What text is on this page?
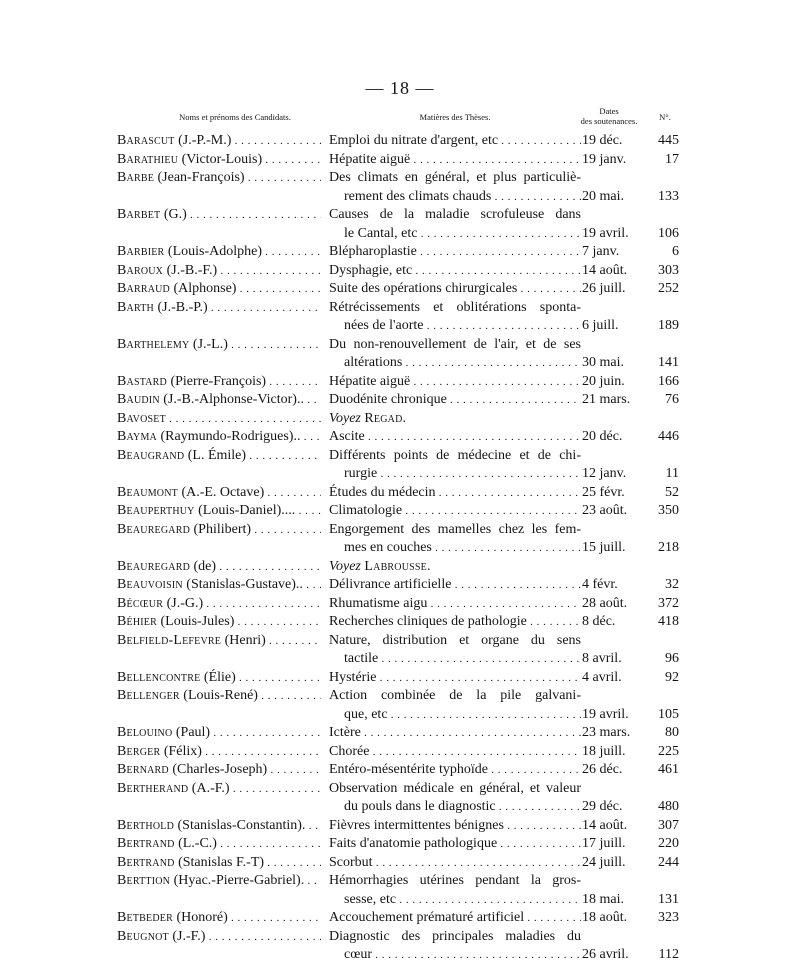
— 18 —
Noms et prénoms des Candidats.	Matières des Thèses.
Dates
des soutenances.	N°.
Barascut (J.-P.-M.) . . .	Emploi du nitrate d'argent, etc . . .	19 déc.	445
Barathieu (Victor-Louis) . . .	Hépatite aiguë . . .	19 janv.	17
Barbe (Jean-François) . . .	Des climats en général, et plus particuliè-
rement des climats chauds . . .	20 mai.	133
Barbet (G.) . . .	Causes de la maladie scrofuleuse dans
le Cantal, etc . . .	19 avril.	106
Barbier (Louis-Adolphe) . . .	Blépharoplastie . . .	7 janv.	6
Baroux (J.-B.-F.) . . .	Dysphagie, etc . . .	14 août.	303
Barraud (Alphonse) . . .	Suite des opérations chirurgicales . . .	26 juill.	252
Barth (J.-B.-P.) . . .	Rétrécissements et oblitérations sponta-
nées de l'aorte . . .	6 juill.	189
Barthelemy (J.-L.) . . .	Du non-renouvellement de l'air, et de ses
altérations . . .	30 mai.	141
Bastard (Pierre-François) . . .	Hépatite aiguë . . .	20 juin.	166
Baudin (J.-B.-Alphonse-Victor).. . . .	Duodénite chronique . . .	21 mars.	76
Bavoset . . .	Voyez Regad.
Bayma (Raymundo-Rodrigues).. . . .	Ascite . . .	20 déc.	446
Beaugrand (L. Émile) . . .	Différents points de médecine et de chi-
rurgie . . .	12 janv.	11
Beaumont (A.-E. Octave) . . .	Études du médecin . . .	25 févr.	52
Beauperthuy (Louis-Daniel).... . . .	Climatologie . . .	23 août.	350
Beauregard (Philibert) . . .	Engorgement des mamelles chez les fem-
mes en couches . . .	15 juill.	218
Beauregard (de) . . .	Voyez Labrousse.
Beauvoisin (Stanislas-Gustave).. . . .	Délivrance artificielle . . .	4 févr.	32
Bécœur (J.-G.) . . .	Rhumatisme aigu . . .	28 août.	372
Béhier (Louis-Jules) . . .	Recherches cliniques de pathologie . . .	8 déc.	418
Belfield-Lefevre (Henri) . . .	Nature, distribution et organe du sens
tactile . . .	8 avril.	96
Bellencontre (Élie) . . .	Hystérie . . .	4 avril.	92
Bellenger (Louis-René) . . .	Action combinée de la pile galvani-
que, etc . . .	19 avril.	105
Belouino (Paul) . . .	Ictère . . .	23 mars.	80
Berger (Félix) . . .	Chorée . . .	18 juill.	225
Bernard (Charles-Joseph) . . .	Entéro-mésentérite typhoïde . . .	26 déc.	461
Bertherand (A.-F.) . . .	Observation médicale en général, et valeur
du pouls dans le diagnostic . . .	29 déc.	480
Berthold (Stanislas-Constantin). . . .	Fièvres intermittentes bénignes . . .	14 août.	307
Bertrand (L.-C.) . . .	Faits d'anatomie pathologique . . .	17 juill.	220
Bertrand (Stanislas F.-T) . . .	Scorbut . . .	24 juill.	244
Berttion (Hyac.-Pierre-Gabriel). . . .	Hémorrhagies utérines pendant la gros-
sesse, etc . . .	18 mai.	131
Betbeder (Honoré) . . .	Accouchement prématuré artificiel . . .	18 août.	323
Beugnot (J.-F.) . . .	Diagnostic des principales maladies du
cœur . . .	26 avril.	112
